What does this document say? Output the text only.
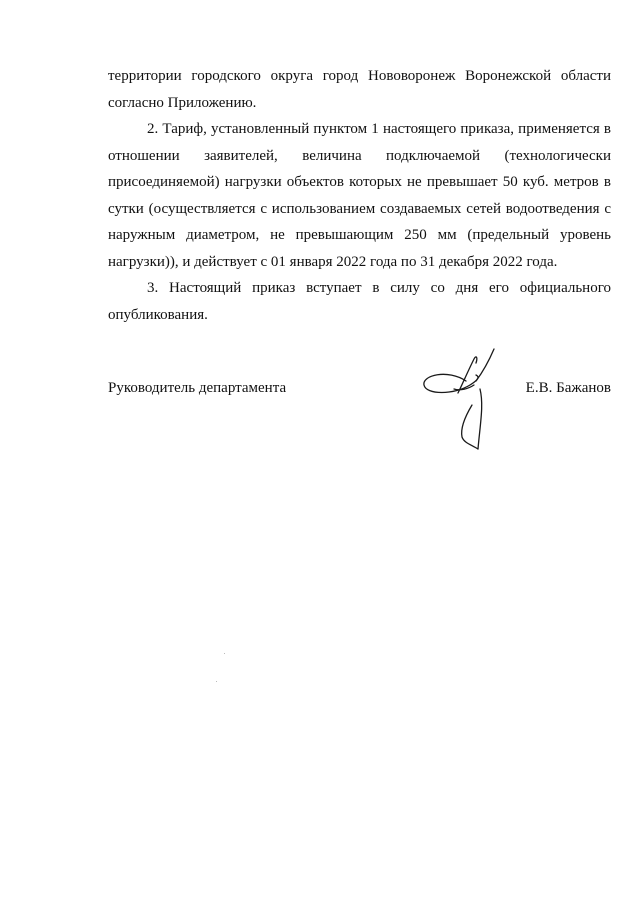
территории городского округа город Нововоронеж Воронежской области согласно Приложению.

2. Тариф, установленный пунктом 1 настоящего приказа, применяется в отношении заявителей, величина подключаемой (технологически присоединяемой) нагрузки объектов которых не превышает 50 куб. метров в сутки (осуществляется с использованием создаваемых сетей водоотведения с наружным диаметром, не превышающим 250 мм (предельный уровень нагрузки)), и действует с 01 января 2022 года по 31 декабря 2022 года.

3. Настоящий приказ вступает в силу со дня его официального опубликования.

Руководитель департамента	Е.В. Бажанов
